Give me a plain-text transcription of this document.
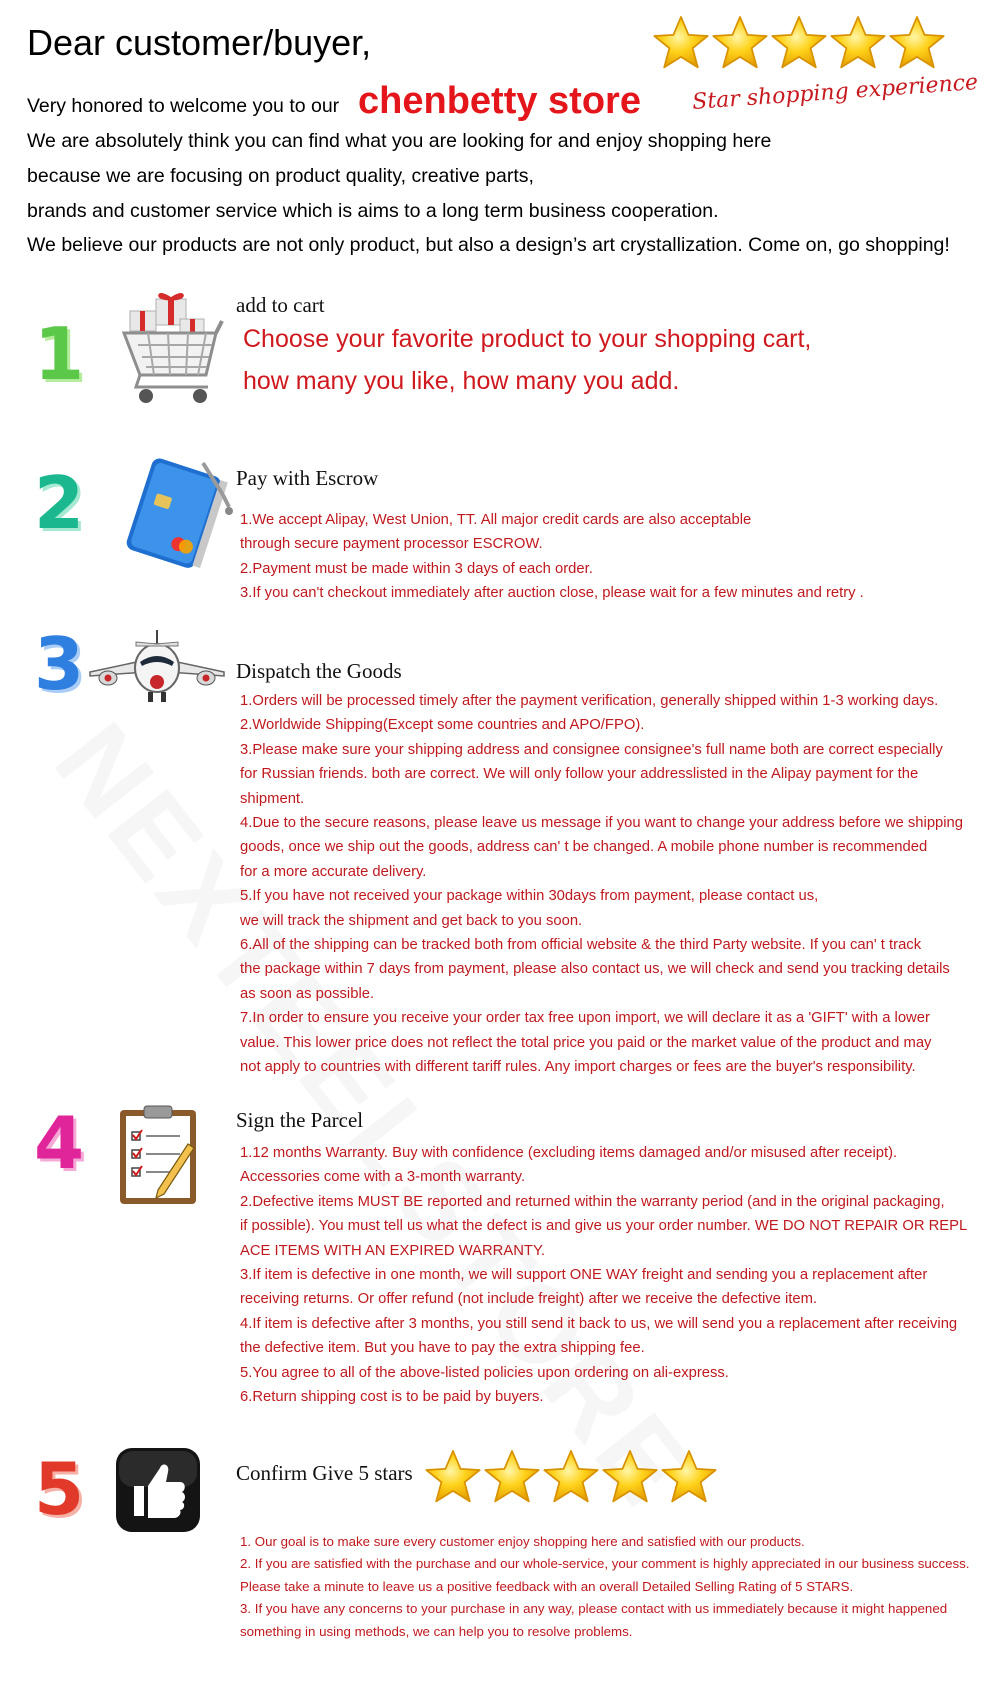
Dear customer/buyer,
Star shopping experience
Very honored to welcome you to our chenbetty store
We are absolutely think you can find what you are looking for and enjoy shopping here
because we are focusing on product quality, creative parts,
brands and customer service which is aims to a long term business cooperation.
We believe our products are not only product, but also a design’s art crystallization. Come on, go shopping!
1
add to cart
Choose your favorite product to your shopping cart,
how many you like, how many you add.
2	Pay with Escrow
1.We accept Alipay, West Union, TT. All major credit cards are also acceptable
through secure payment processor ESCROW.
2.Payment must be made within 3 days of each order.
3.If you can't checkout immediately after auction close, please wait for a few minutes and retry .
3	Dispatch the Goods
1.Orders will be processed timely after the payment verification, generally shipped within 1-3 working days.
2.Worldwide Shipping(Except some countries and APO/FPO).
3.Please make sure your shipping address and consignee consignee's full name both are correct especially
for Russian friends. both are correct. We will only follow your addresslisted in the Alipay payment for the
shipment.
4.Due to the secure reasons, please leave us message if you want to change your address before we shipping
goods, once we ship out the goods, address can' t be changed. A mobile phone number is recommended
for a more accurate delivery.
5.If you have not received your package within 30days from payment, please contact us,
we will track the shipment and get back to you soon.
6.All of the shipping can be tracked both from official website & the third Party website. If you can' t track
the package within 7 days from payment, please also contact us, we will check and send you tracking details
as soon as possible.
7.In order to ensure you receive your order tax free upon import, we will declare it as a 'GIFT' with a lower
value. This lower price does not reflect the total price you paid or the market value of the product and may
not apply to countries with different tariff rules. Any import charges or fees are the buyer's responsibility.
4	Sign the Parcel
1.12 months Warranty. Buy with confidence (excluding items damaged and/or misused after receipt).
Accessories come with a 3-month warranty.
2.Defective items MUST BE reported and returned within the warranty period (and in the original packaging,
if possible). You must tell us what the defect is and give us your order number. WE DO NOT REPAIR OR REPL
ACE ITEMS WITH AN EXPIRED WARRANTY.
3.If item is defective in one month, we will support ONE WAY freight and sending you a replacement after
receiving returns. Or offer refund (not include freight) after we receive the defective item.
4.If item is defective after 3 months, you still send it back to us, we will send you a replacement after receiving
the defective item. But you have to pay the extra shipping fee.
5.You agree to all of the above-listed policies upon ordering on ali-express.
6.Return shipping cost is to be paid by buyers.
5	Confirm Give 5 stars
1. Our goal is to make sure every customer enjoy shopping here and satisfied with our products.
2. If you are satisfied with the purchase and our whole-service, your comment is highly appreciated in our business success.
Please take a minute to leave us a positive feedback with an overall Detailed Selling Rating of 5 STARS.
3. If you have any concerns to your purchase in any way, please contact with us immediately because it might happened
something in using methods, we can help you to resolve problems.
